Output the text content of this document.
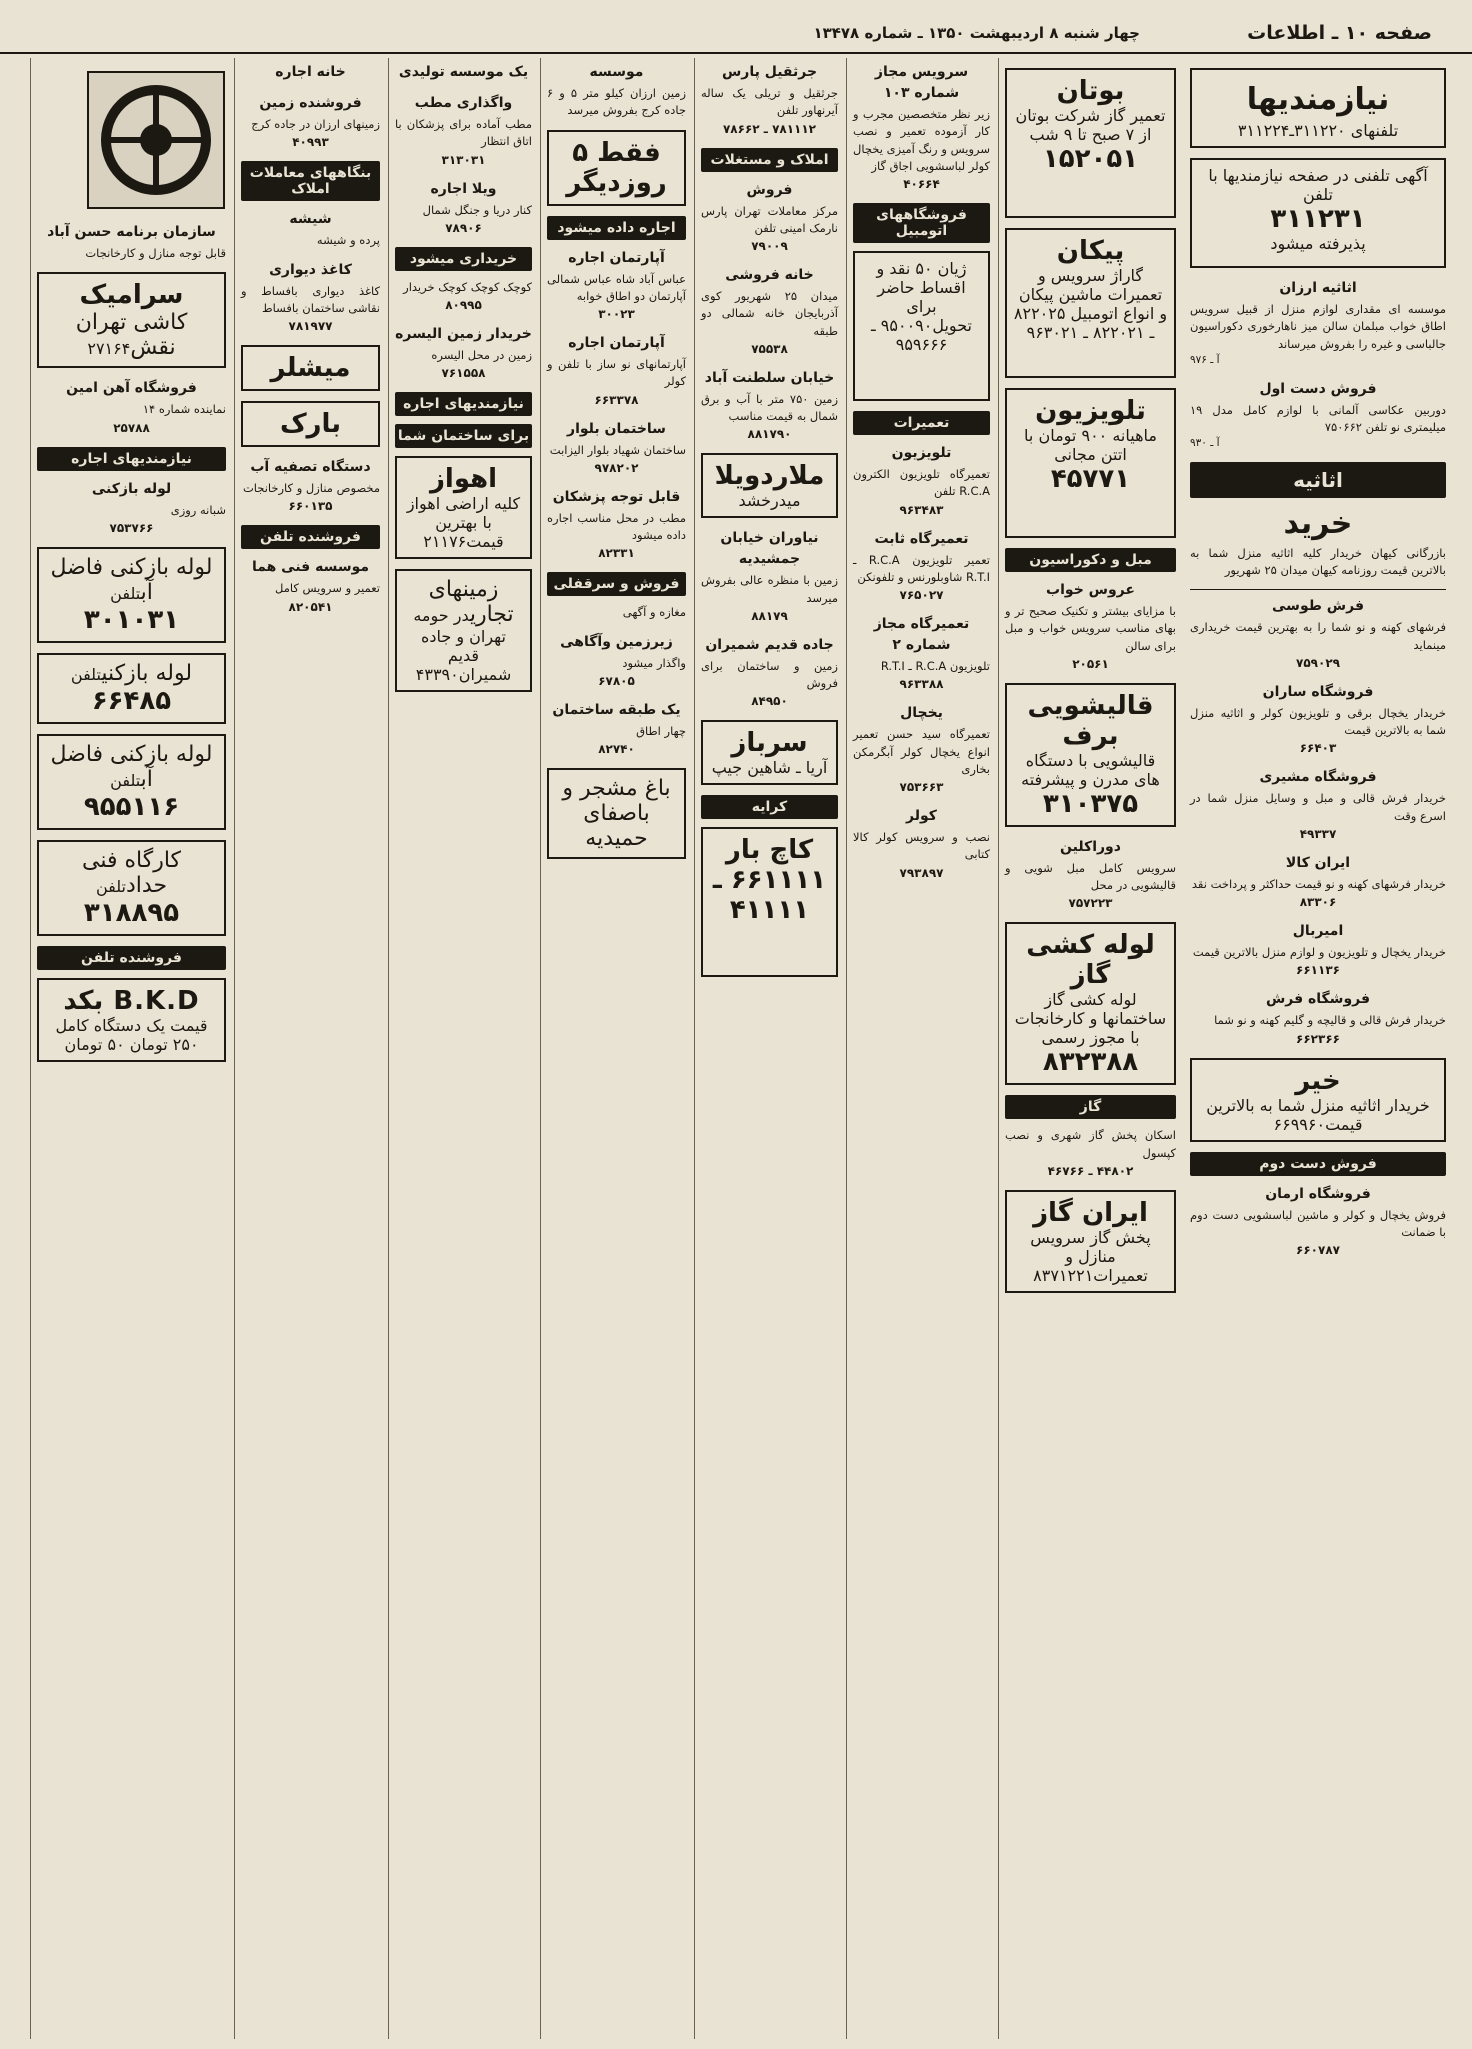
صفحه ۱۰ ـ اطلاعات
چهار شنبه ۸ اردیبهشت ۱۳۵۰ ـ شماره ۱۳۴۷۸
نیازمندیها
تلفنهای ۳۱۱۲۲۰ـ۳۱۱۲۲۴
آگهی تلفنی در صفحه نیازمندیها با تلفن
۳۱۱۲۳۱
پذیرفته میشود
اثاثیه ارزان
موسسه ای مقداری لوازم منزل از قبیل سرویس اطاق خواب مبلمان سالن میز ناهارخوری دکوراسیون جالباسی و غیره را بفروش میرساند
آ ـ ۹۷۶
فروش دست اول
دوربین عکاسی آلمانی با لوازم کامل مدل ۱۹ میلیمتری نو تلفن ۷۵۰۶۶۲
آ ـ ۹۳۰
اثاثیه
خرید
بازرگانی کیهان خریدار کلیه اثاثیه منزل شما به بالاترین قیمت روزنامه کیهان میدان ۲۵ شهریور
فرش طوسی
فرشهای کهنه و نو شما را به بهترین قیمت خریداری مینماید
۷۵۹۰۲۹
فروشگاه ساران
خریدار یخچال برقی و تلویزیون کولر و اثاثیه منزل شما به بالاترین قیمت
۶۶۴۰۳
فروشگاه مشیری
خریدار فرش قالی و مبل و وسایل منزل شما در اسرع وقت
۴۹۳۳۷
ایران کالا
خریدار فرشهای کهنه و نو قیمت حداکثر و پرداخت نقد
۸۳۳۰۶
امیربال
خریدار یخچال و تلویزیون و لوازم منزل بالاترین قیمت
۶۶۱۱۳۶
فروشگاه فرش
خریدار فرش قالی و قالیچه و گلیم کهنه و نو شما
۶۶۲۳۶۶
خیر
خریدار اثاثیه منزل شما به بالاترین قیمت۶۶۹۹۶۰
فروش دست دوم
فروشگاه ارمان
فروش یخچال و کولر و ماشین لباسشویی دست دوم با ضمانت
۶۶۰۷۸۷
بوتان
تعمیر گاز شرکت بوتان از ۷ صبح تا ۹ شب
۱۵۲۰۵۱
پیکان
گاراژ سرویس و تعمیرات ماشین پیکان و انواع اتومبیل ۸۲۲۰۲۵ ـ ۸۲۲۰۲۱ ـ ۹۶۳۰۲۱
تلویزیون
ماهیانه ۹۰۰ تومان با اتتن مجانی
۴۵۷۷۱
مبل و دکوراسیون
عروس خواب
با مزایای بیشتر و تکنیک صحیح تر و بهای مناسب سرویس خواب و مبل برای سالن
۲۰۵۶۱
قالیشویی برف
قالیشویی با دستگاه های مدرن و پیشرفته
۳۱۰۳۷۵
دوراکلین
سرویس کامل مبل شویی و قالیشویی در محل
۷۵۷۲۲۳
لوله کشی گاز
لوله کشی گاز ساختمانها و کارخانجات با مجوز رسمی
۸۳۲۳۸۸
گاز
اسکان پخش گاز شهری و نصب کپسول
۴۴۸۰۲ ـ ۴۶۷۶۶
ایران گاز
پخش گاز سرویس منازل و تعمیرات۸۳۷۱۲۲۱
سرویس مجاز شماره ۱۰۳
زیر نظر متخصصین مجرب و کار آزموده تعمیر و نصب سرویس و رنگ آمیزی یخچال کولر لباسشویی اجاق گاز
۴۰۶۶۴
فروشگاههای اتومبیل
ژیان ۵۰ نقد و اقساط حاضر برای تحویل۹۵۰۰۹۰ ـ ۹۵۹۶۶۶
تعمیرات
تلویزیون
تعمیرگاه تلویزیون الکترون R.C.A تلفن
۹۶۳۴۸۳
تعمیرگاه ثابت
تعمیر تلویزیون R.C.A ـ R.T.I شاوبلورنس و تلفونکن
۷۶۵۰۲۷
تعمیرگاه مجاز شماره ۲
تلویزیون R.C.A ـ R.T.I
۹۶۳۳۸۸
یخچال
تعمیرگاه سید حسن تعمیر انواع یخچال کولر آبگرمکن بخاری
۷۵۳۶۶۳
کولر
نصب و سرویس کولر کالا کتابی
۷۹۳۸۹۷
جرثقیل پارس
جرثقیل و تریلی یک ساله آیرنهاور تلفن
۷۸۱۱۱۲ ـ ۷۸۶۶۲
املاک و مستغلات
فروش
مرکز معاملات تهران پارس نارمک امینی تلفن
۷۹۰۰۹
خانه فروشی
میدان ۲۵ شهریور کوی آذربایجان خانه شمالی دو طبقه
۷۵۵۳۸
خیابان سلطنت آباد
زمین ۷۵۰ متر با آب و برق شمال به قیمت مناسب
۸۸۱۷۹۰
ملاردویلا
میدرخشد
نیاوران خیابان جمشیدیه
زمین با منظره عالی بفروش میرسد
۸۸۱۷۹
جاده قدیم شمیران
زمین و ساختمان برای فروش
۸۴۹۵۰
سرباز
آریا ـ شاهین جیپ
کرایه
کاچ بار
۶۶۱۱۱۱ ـ ۴۱۱۱۱
موسسه
زمین ارزان کیلو متر ۵ و ۶ جاده کرج بفروش میرسد
فقط ۵ روزدیگر
اجاره داده میشود
آپارتمان اجاره
عباس آباد شاه عباس شمالی آپارتمان دو اطاق خوابه
۳۰۰۲۳
آپارتمان اجاره
آپارتمانهای نو ساز با تلفن و کولر
۶۶۳۳۷۸
ساختمان بلوار
ساختمان شهیاد بلوار الیزابت
۹۷۸۲۰۲
قابل توجه پزشکان
مطب در محل مناسب اجاره داده میشود
۸۲۳۳۱
فروش و سرقفلی
مغازه و آگهی
زیرزمین وآگاهی
واگذار میشود
۶۷۸۰۵
یک طبقه ساختمان
چهار اطاق
۸۲۷۴۰
باغ مشجر و باصفای حمیدیه
یک موسسه تولیدی
واگذاری مطب
مطب آماده برای پزشکان با اتاق انتظار
۳۱۳۰۳۱
ویلا اجاره
کنار دریا و جنگل شمال
۷۸۹۰۶
خریداری میشود
کوچک کوچک کوچک خریدار
۸۰۹۹۵
خریدار زمین الیسره
زمین در محل الیسره
۷۶۱۵۵۸
نیازمندیهای اجاره
برای ساختمان شما
اهواز
کلیه اراضی اهواز با بهترین قیمت۲۱۱۷۶
زمینهای تجاریدر حومه تهران و جاده قدیم شمیران۴۳۳۹۰
خانه اجاره
فروشنده زمین
زمینهای ارزان در جاده کرج
۴۰۹۹۳
بنگاههای معاملات املاک
شیشه
پرده و شیشه
کاغذ دیواری
کاغذ دیواری بافساط و نقاشی ساختمان بافساط
۷۸۱۹۷۷
میشلر
بارک
دستگاه تصفیه آب
مخصوص منازل و کارخانجات
۶۶۰۱۳۵
فروشنده تلفن
موسسه فنی هما
تعمیر و سرویس کامل
۸۲۰۵۴۱
سازمان برنامه حسن آباد
قابل توجه منازل و کارخانجات
سرامیک
کاشی تهران نقش۲۷۱۶۴
فروشگاه آهن امین
نماینده شماره ۱۴
۲۵۷۸۸
نیازمندیهای اجاره
لوله بازکنی
شبانه روزی
۷۵۳۷۶۶
لوله بازکنی فاضل آبتلفن
۳۰۱۰۳۱
لوله بازکنیتلفن
۶۶۴۸۵
لوله بازکنی فاضل آبتلفن
۹۵۵۱۱۶
کارگاه فنی حدادتلفن
۳۱۸۸۹۵
فروشنده تلفن
B.K.D بکد
قیمت یک دستگاه کامل ۲۵۰ تومان ۵۰ تومان
